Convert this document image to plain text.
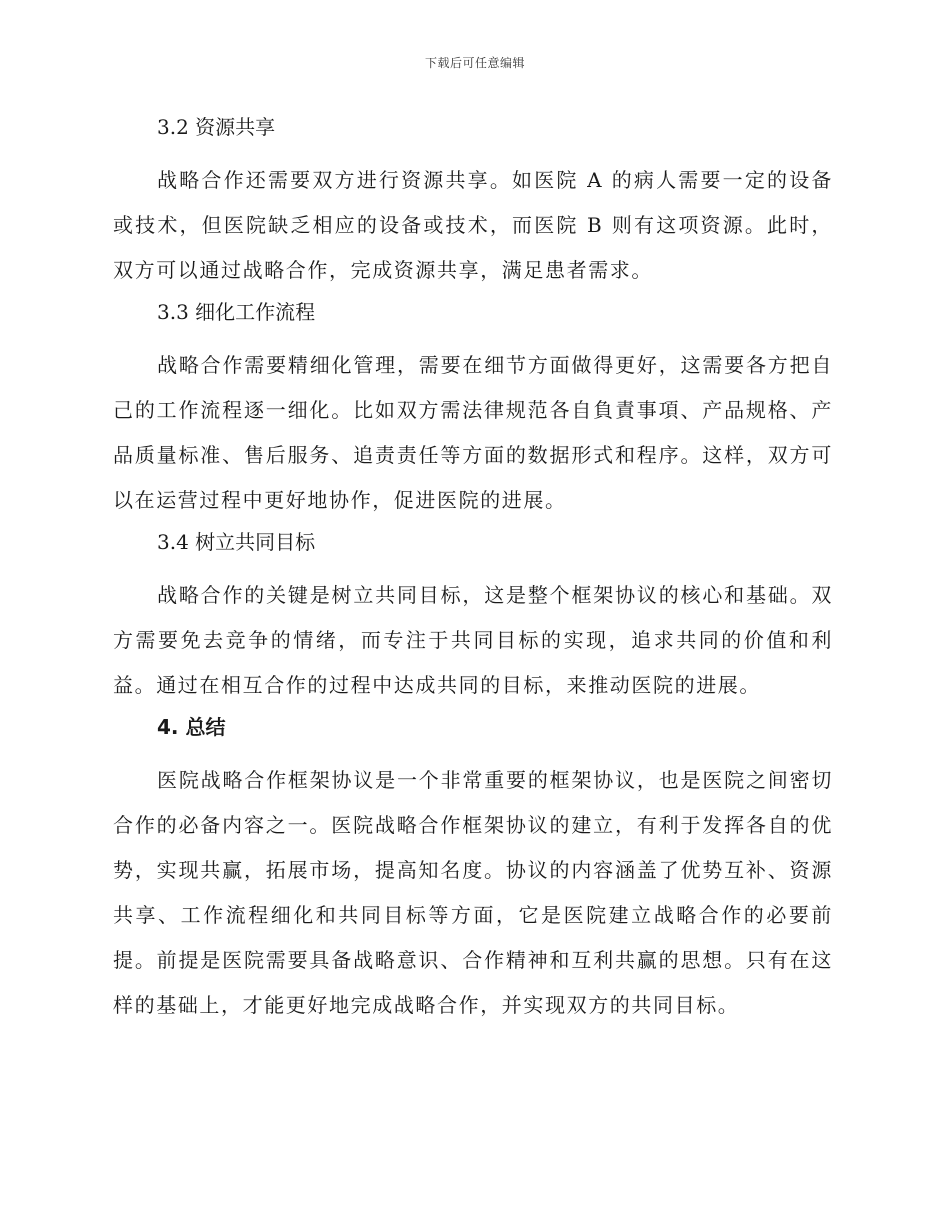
下载后可任意编辑
3.2 资源共享

战略合作还需要双方进行资源共享。如医院 A 的病人需要一定的设备或技术，但医院缺乏相应的设备或技术，而医院 B 则有这项资源。此时，双方可以通过战略合作，完成资源共享，满足患者需求。

3.3 细化工作流程

战略合作需要精细化管理，需要在细节方面做得更好，这需要各方把自己的工作流程逐一细化。比如双方需法律规范各自負責事項、产品规格、产品质量标准、售后服务、追责责任等方面的数据形式和程序。这样，双方可以在运营过程中更好地协作，促进医院的进展。

3.4 树立共同目标

战略合作的关键是树立共同目标，这是整个框架协议的核心和基础。双方需要免去竞争的情绪，而专注于共同目标的实现，追求共同的价值和利益。通过在相互合作的过程中达成共同的目标，来推动医院的进展。

4. 总结

医院战略合作框架协议是一个非常重要的框架协议，也是医院之间密切合作的必备内容之一。医院战略合作框架协议的建立，有利于发挥各自的优势，实现共赢，拓展市场，提高知名度。协议的内容涵盖了优势互补、资源共享、工作流程细化和共同目标等方面，它是医院建立战略合作的必要前提。前提是医院需要具备战略意识、合作精神和互利共赢的思想。只有在这样的基础上，才能更好地完成战略合作，并实现双方的共同目标。
